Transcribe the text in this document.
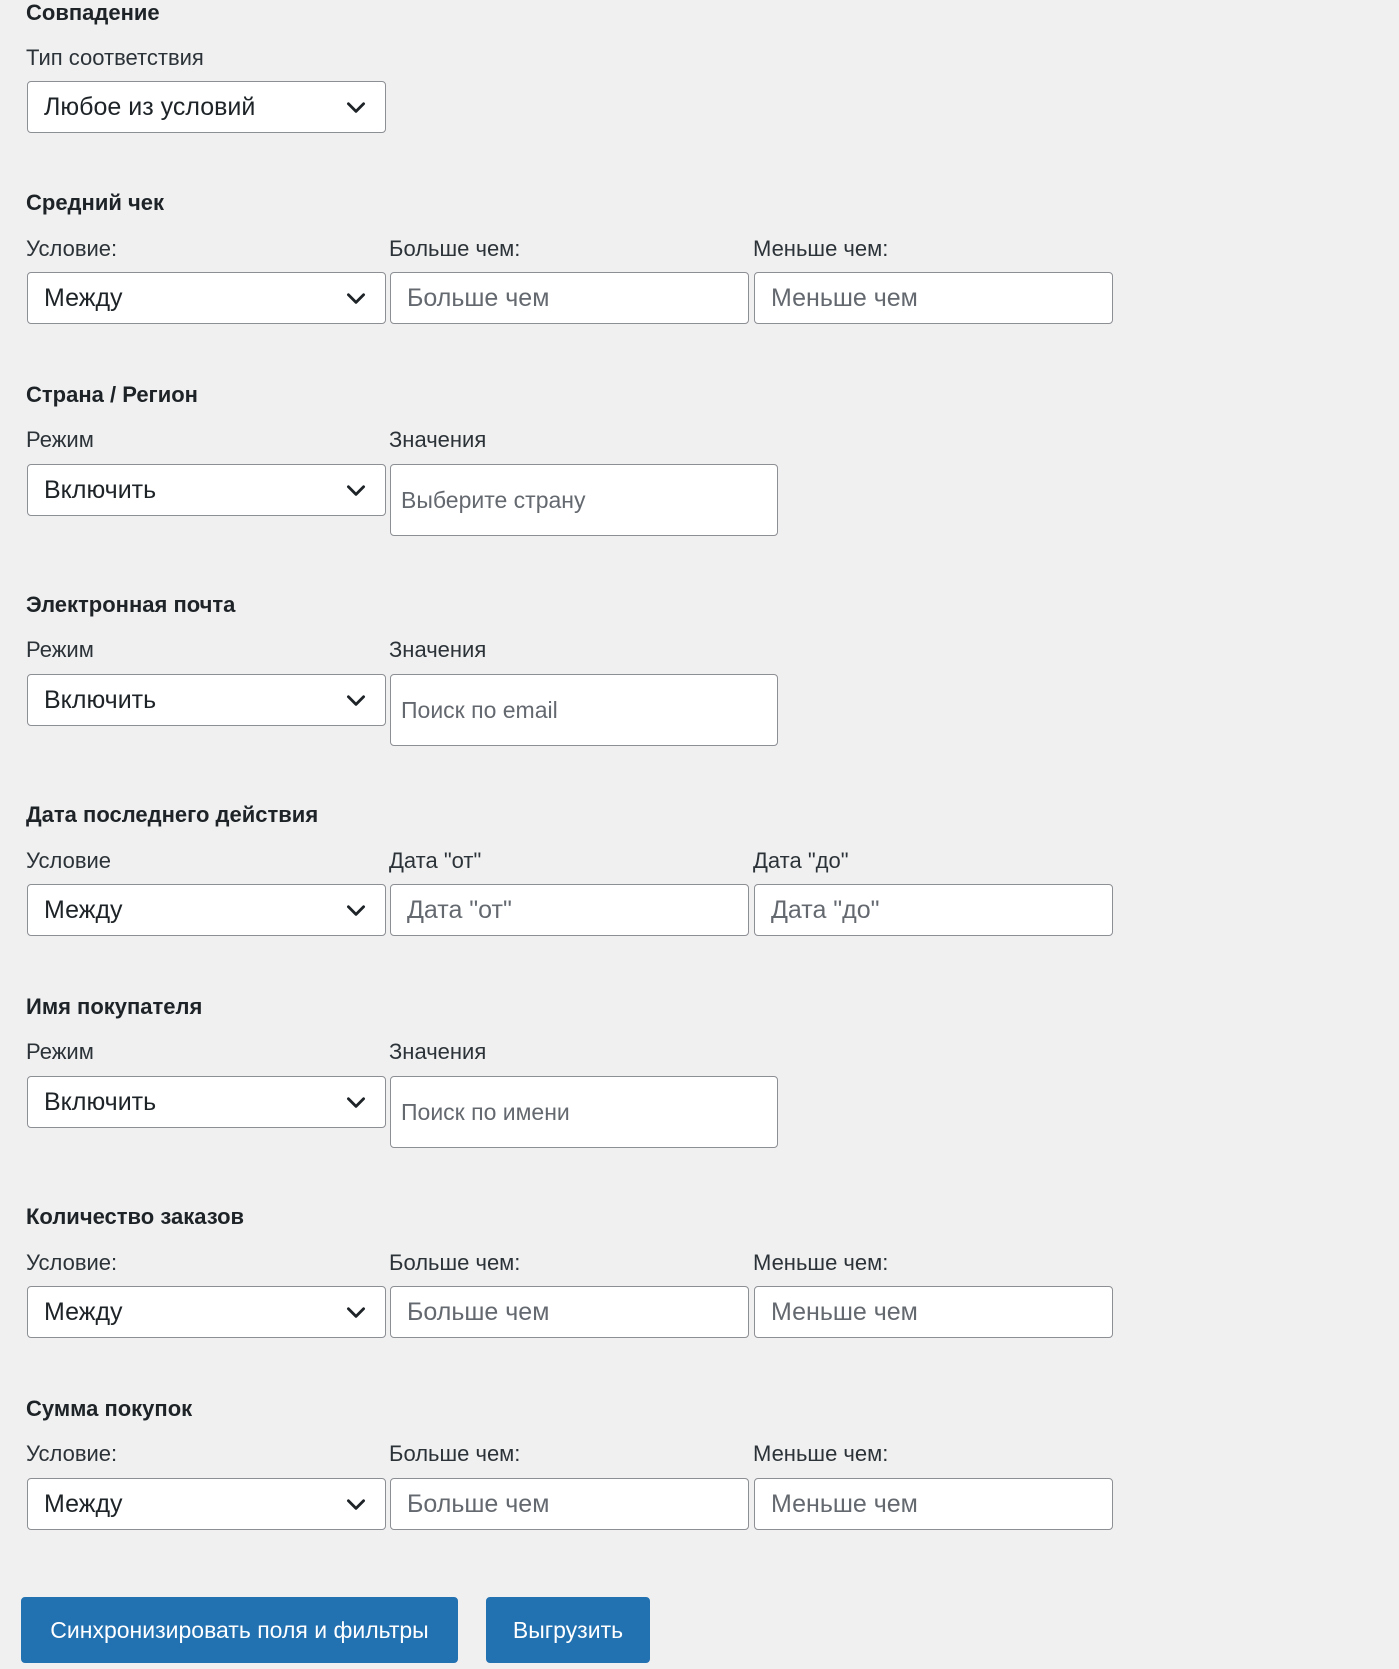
Совпадение
Тип соответствия
Любое из условий
Средний чек
Условие:	Больше чем:	Меньше чем:
Между	Больше чем	Меньше чем
Страна / Регион
Режим	Значения
Включить	Выберите страну
Электронная почта
Режим	Значения
Включить	Поиск по email
Дата последнего действия
Условие	Дата "от"	Дата "до"
Между	Дата "от"	Дата "до"
Имя покупателя
Режим	Значения
Включить	Поиск по имени
Количество заказов
Условие:	Больше чем:	Меньше чем:
Между	Больше чем	Меньше чем
Сумма покупок
Условие:	Больше чем:	Меньше чем:
Между	Больше чем	Меньше чем
Синхронизировать поля и фильтры	Выгрузить
